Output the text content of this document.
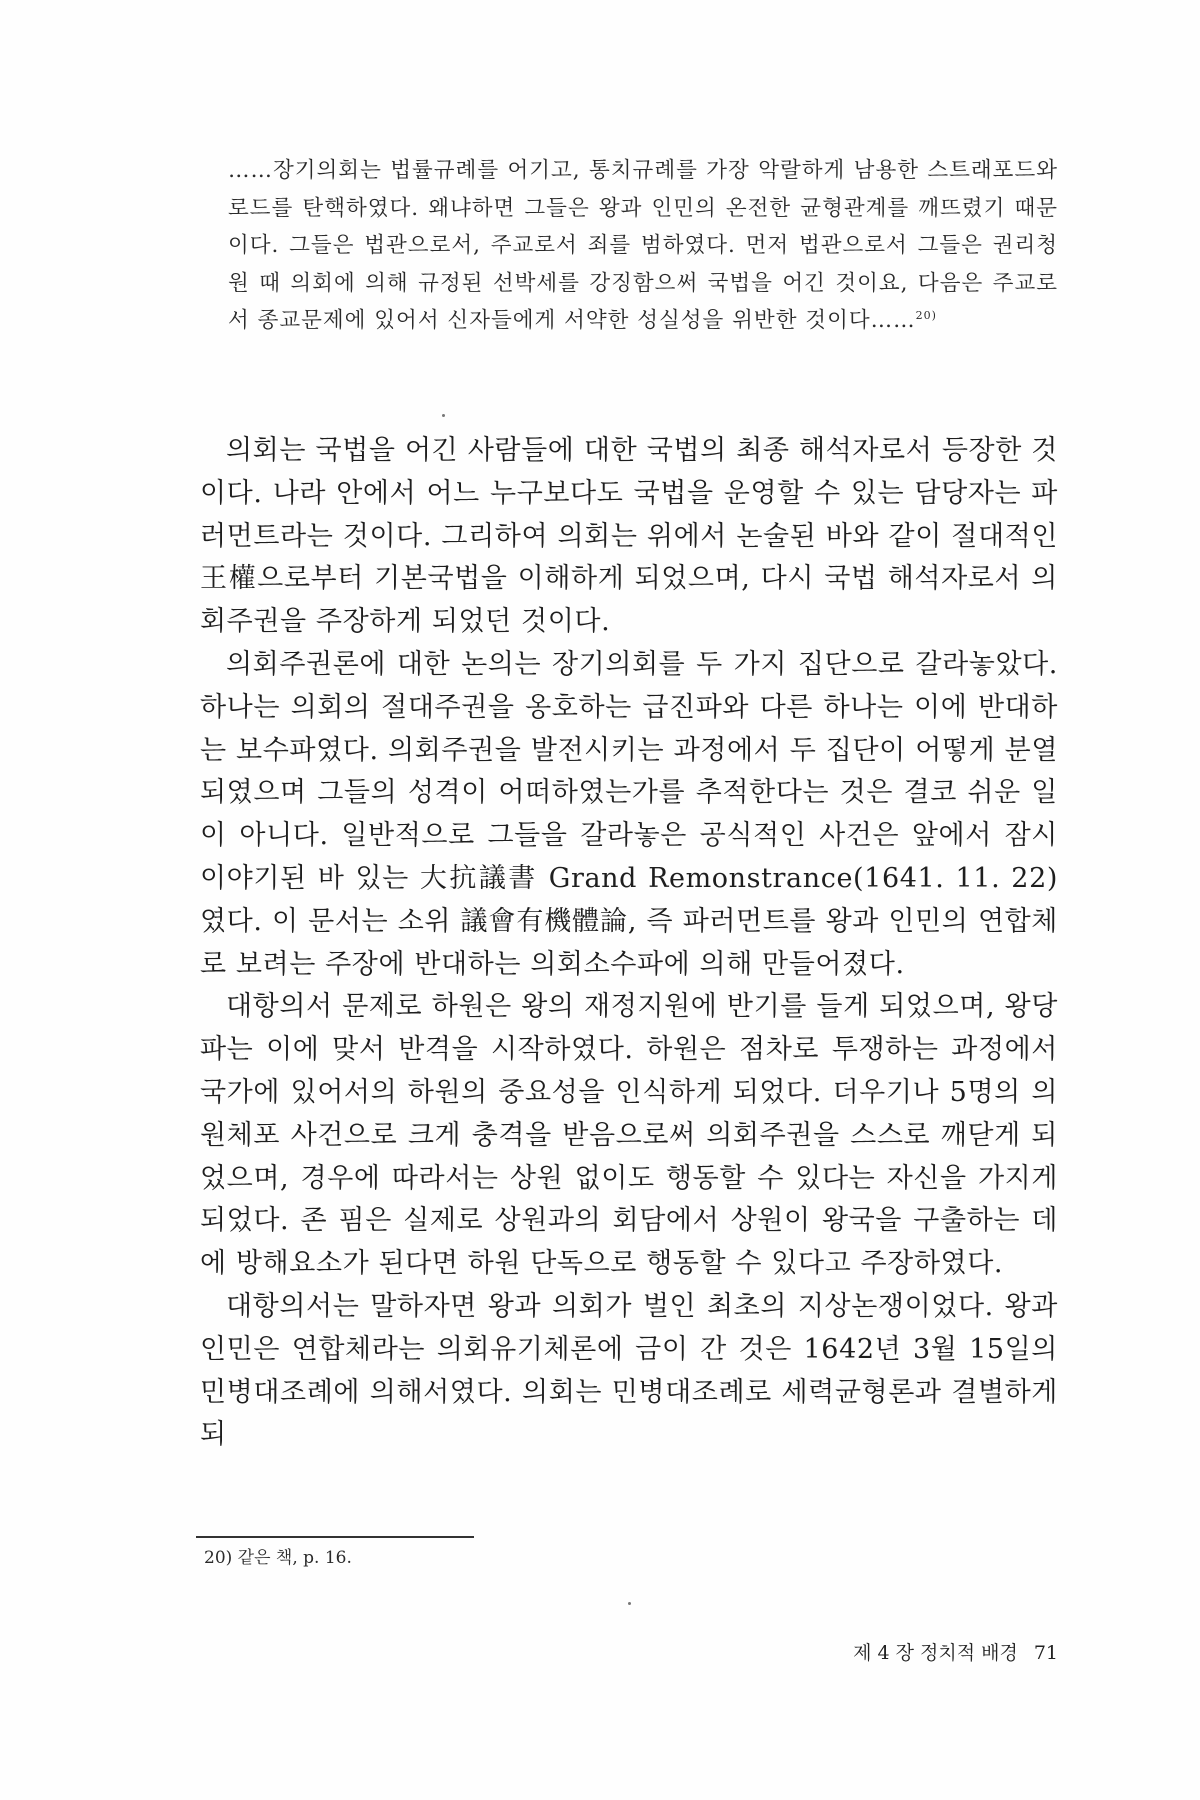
……장기의회는 법률규례를 어기고, 통치규례를 가장 악랄하게 남용한 스트래포드와 로드를 탄핵하였다. 왜냐하면 그들은 왕과 인민의 온전한 균형관계를 깨뜨렸기 때문이다. 그들은 법관으로서, 주교로서 죄를 범하였다. 먼저 법관으로서 그들은 권리청원 때 의회에 의해 규정된 선박세를 강징함으써 국법을 어긴 것이요, 다음은 주교로서 종교문제에 있어서 신자들에게 서약한 성실성을 위반한 것이다……$^{20)}$

의회는 국법을 어긴 사람들에 대한 국법의 최종 해석자로서 등장한 것이다. 나라 안에서 어느 누구보다도 국법을 운영할 수 있는 담당자는 파러먼트라는 것이다. 그리하여 의회는 위에서 논술된 바와 같이 절대적인 王權으로부터 기본국법을 이해하게 되었으며, 다시 국법 해석자로서 의회주권을 주장하게 되었던 것이다.

의회주권론에 대한 논의는 장기의회를 두 가지 집단으로 갈라놓았다. 하나는 의회의 절대주권을 옹호하는 급진파와 다른 하나는 이에 반대하는 보수파였다. 의회주권을 발전시키는 과정에서 두 집단이 어떻게 분열되였으며 그들의 성격이 어떠하였는가를 추적한다는 것은 결코 쉬운 일이 아니다. 일반적으로 그들을 갈라놓은 공식적인 사건은 앞에서 잠시 이야기된 바 있는 大抗議書 Grand Remonstrance(1641. 11. 22)였다. 이 문서는 소위 議會有機體論, 즉 파러먼트를 왕과 인민의 연합체로 보려는 주장에 반대하는 의회소수파에 의해 만들어졌다.

대항의서 문제로 하원은 왕의 재정지원에 반기를 들게 되었으며, 왕당파는 이에 맞서 반격을 시작하였다. 하원은 점차로 투쟁하는 과정에서 국가에 있어서의 하원의 중요성을 인식하게 되었다. 더우기나 5명의 의원체포 사건으로 크게 충격을 받음으로써 의회주권을 스스로 깨닫게 되었으며, 경우에 따라서는 상원 없이도 행동할 수 있다는 자신을 가지게 되었다. 존 핌은 실제로 상원과의 회담에서 상원이 왕국을 구출하는 데에 방해요소가 된다면 하원 단독으로 행동할 수 있다고 주장하였다.

대항의서는 말하자면 왕과 의회가 벌인 최초의 지상논쟁이었다. 왕과 인민은 연합체라는 의회유기체론에 금이 간 것은 1642년 3월 15일의 민병대조례에 의해서였다. 의회는 민병대조례로 세력균형론과 결별하게 되

20) 같은 책, p. 16.

제 4 장 정치적 배경 71
